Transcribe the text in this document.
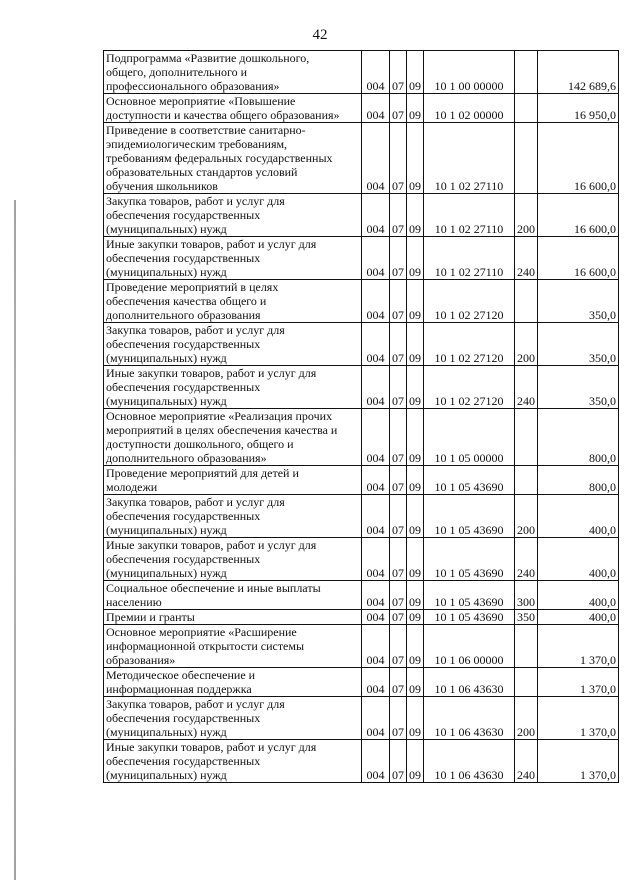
42
Подпрограмма «Развитие дошкольного,
общего, дополнительного и
профессионального образования»	004	07	09	10 1 00 00000		142 689,6

Основное мероприятие «Повышение
доступности и качества общего образования»	004	07	09	10 1 02 00000		16 950,0

Приведение в соответствие санитарно-
эпидемиологическим требованиям,
требованиям федеральных государственных
образовательных стандартов условий
обучения школьников	004	07	09	10 1 02 27110		16 600,0

Закупка товаров, работ и услуг для
обеспечения государственных
(муниципальных) нужд	004	07	09	10 1 02 27110	200	16 600,0

Иные закупки товаров, работ и услуг для
обеспечения государственных
(муниципальных) нужд	004	07	09	10 1 02 27110	240	16 600,0

Проведение мероприятий в целях
обеспечения качества общего и
дополнительного образования	004	07	09	10 1 02 27120		350,0

Закупка товаров, работ и услуг для
обеспечения государственных
(муниципальных) нужд	004	07	09	10 1 02 27120	200	350,0

Иные закупки товаров, работ и услуг для
обеспечения государственных
(муниципальных) нужд	004	07	09	10 1 02 27120	240	350,0

Основное мероприятие «Реализация прочих
мероприятий в целях обеспечения качества и
доступности дошкольного, общего и
дополнительного образования»	004	07	09	10 1 05 00000		800,0

Проведение мероприятий для детей и
молодежи	004	07	09	10 1 05 43690		800,0

Закупка товаров, работ и услуг для
обеспечения государственных
(муниципальных) нужд	004	07	09	10 1 05 43690	200	400,0

Иные закупки товаров, работ и услуг для
обеспечения государственных
(муниципальных) нужд	004	07	09	10 1 05 43690	240	400,0

Социальное обеспечение и иные выплаты
населению	004	07	09	10 1 05 43690	300	400,0

Премии и гранты	004	07	09	10 1 05 43690	350	400,0

Основное мероприятие «Расширение
информационной открытости системы
образования»	004	07	09	10 1 06 00000		1 370,0

Методическое обеспечение и
информационная поддержка	004	07	09	10 1 06 43630		1 370,0

Закупка товаров, работ и услуг для
обеспечения государственных
(муниципальных) нужд	004	07	09	10 1 06 43630	200	1 370,0

Иные закупки товаров, работ и услуг для
обеспечения государственных
(муниципальных) нужд	004	07	09	10 1 06 43630	240	1 370,0
